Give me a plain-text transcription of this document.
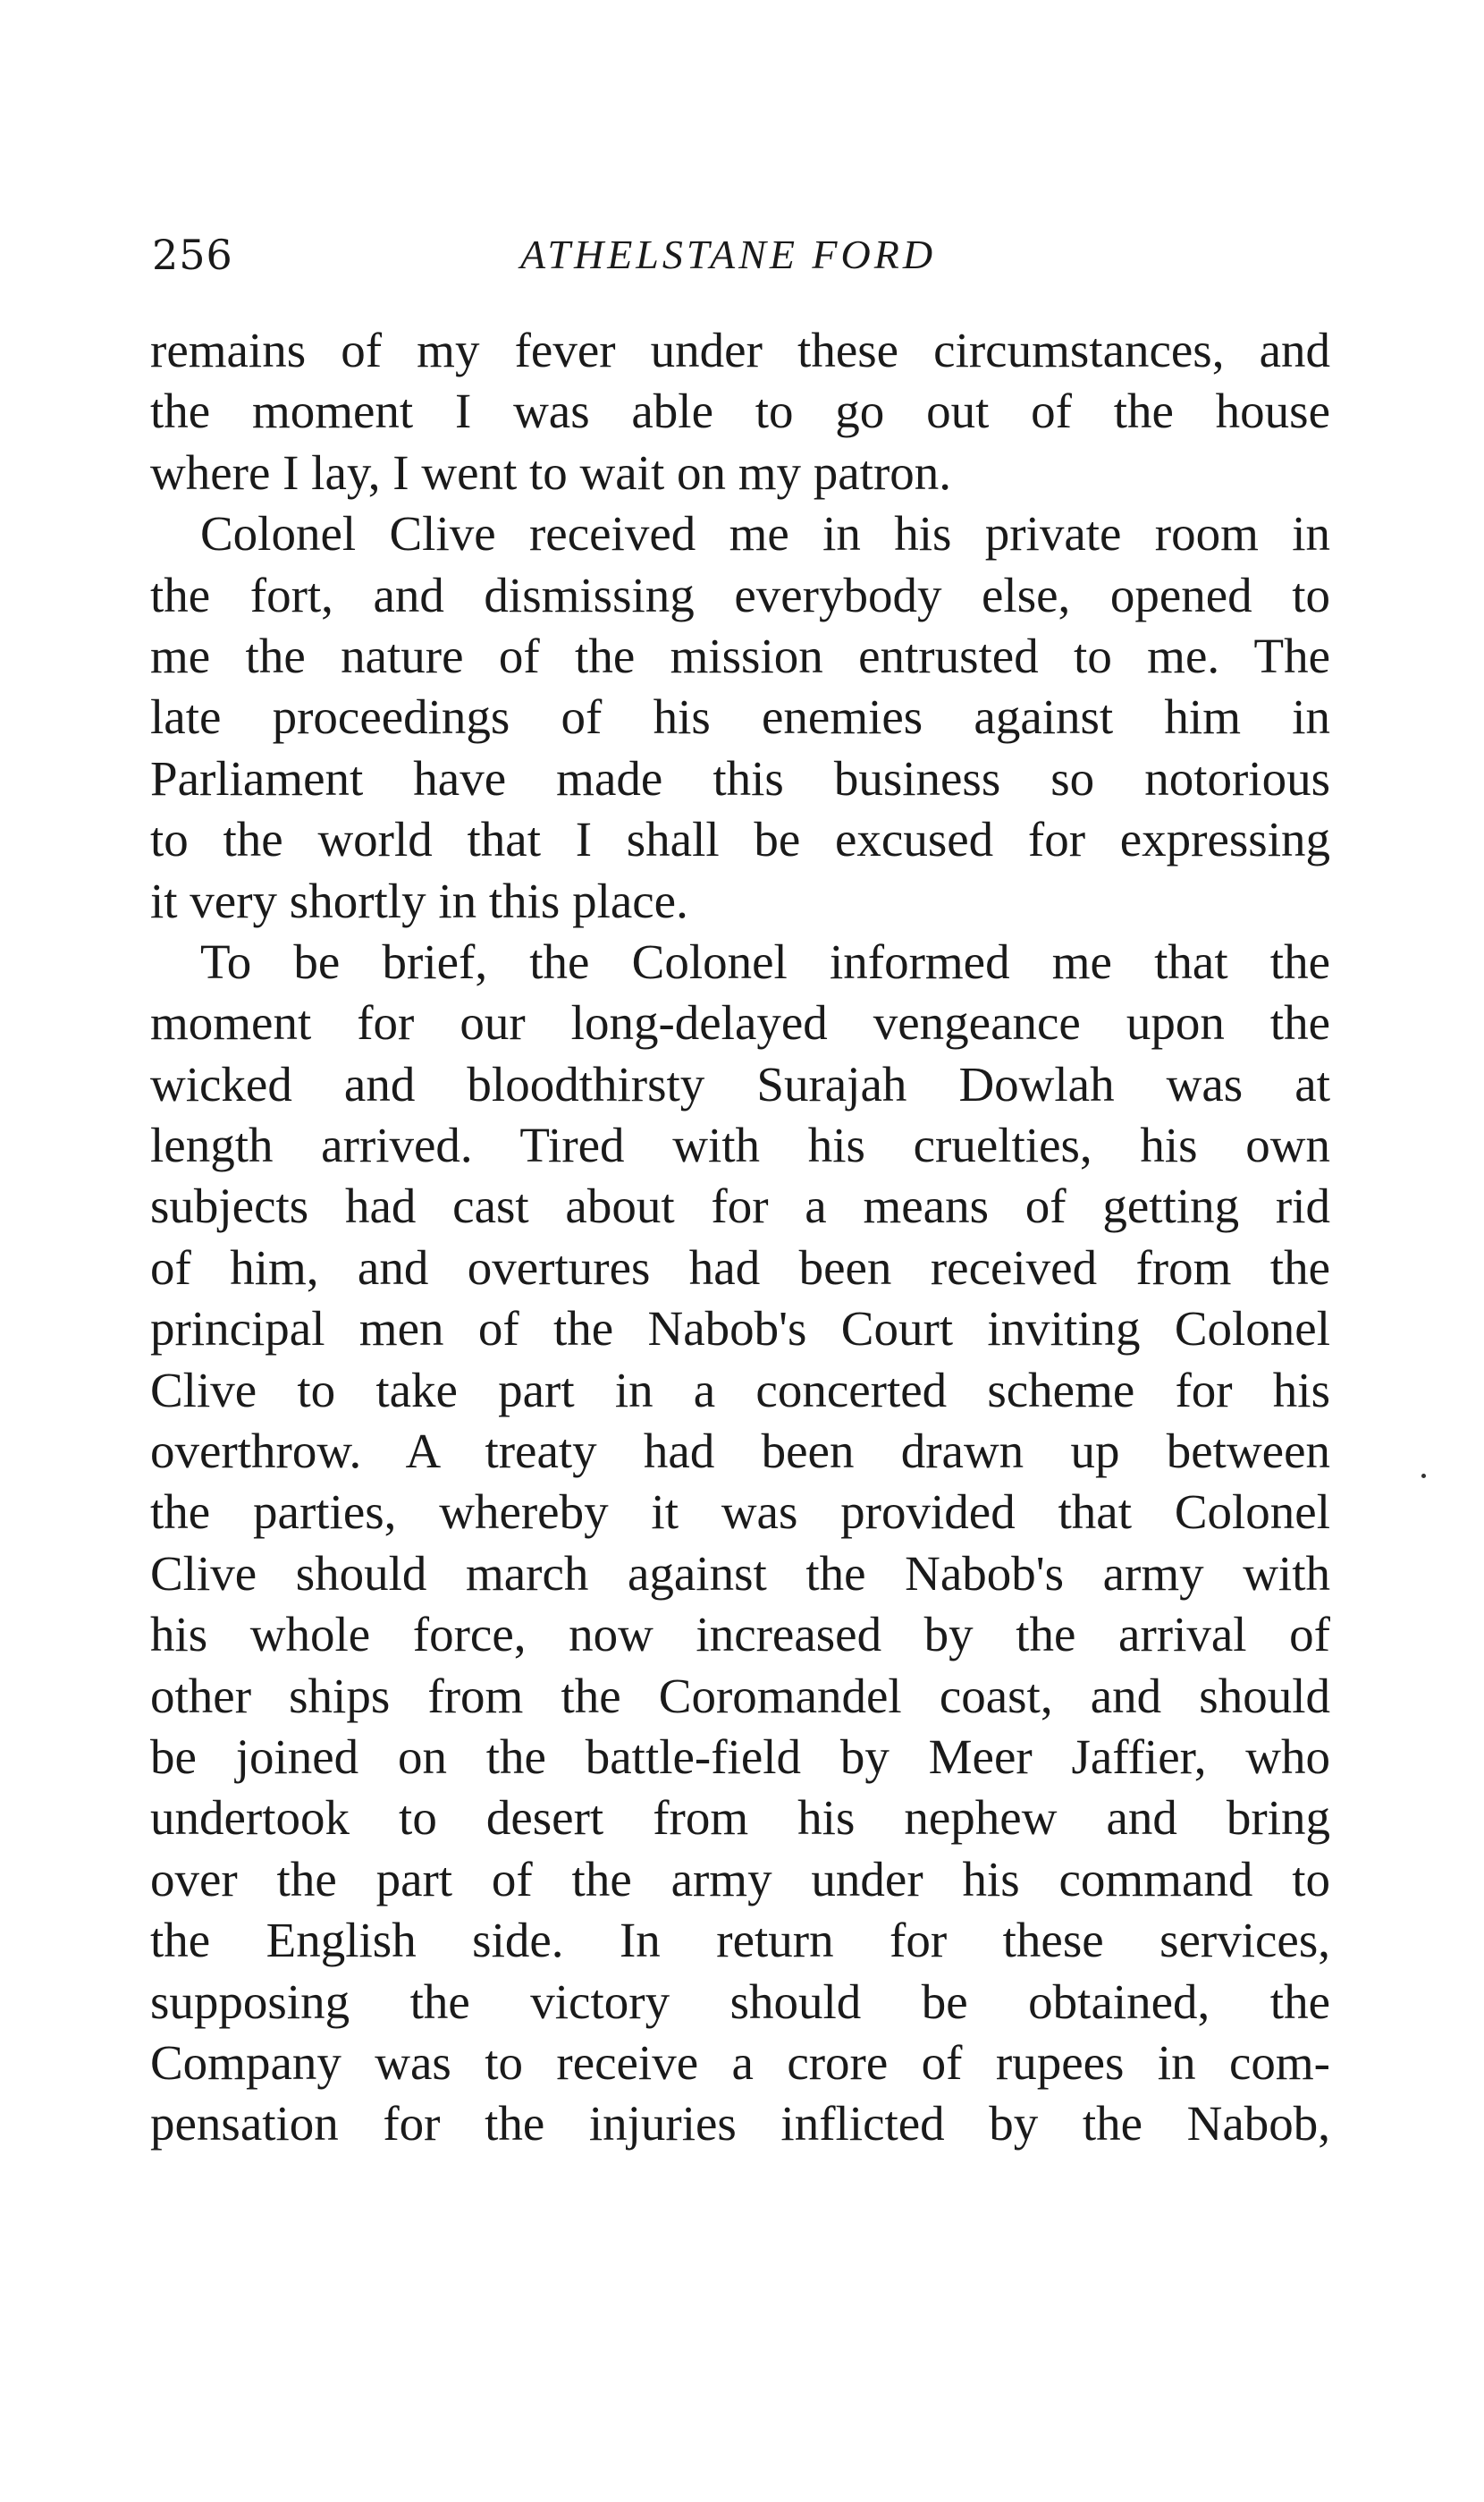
256	ATHELSTANE FORD
remains of my fever under these circumstances, and
the moment I was able to go out of the house
where I lay, I went to wait on my patron.
Colonel Clive received me in his private room in
the fort, and dismissing everybody else, opened to
me the nature of the mission entrusted to me. The
late proceedings of his enemies against him in
Parliament have made this business so notorious
to the world that I shall be excused for expressing
it very shortly in this place.
To be brief, the Colonel informed me that the
moment for our long-delayed vengeance upon the
wicked and bloodthirsty Surajah Dowlah was at
length arrived. Tired with his cruelties, his own
subjects had cast about for a means of getting rid
of him, and overtures had been received from the
principal men of the Nabob's Court inviting Colonel
Clive to take part in a concerted scheme for his
overthrow. A treaty had been drawn up between
the parties, whereby it was provided that Colonel
Clive should march against the Nabob's army with
his whole force, now increased by the arrival of
other ships from the Coromandel coast, and should
be joined on the battle-field by Meer Jaffier, who
undertook to desert from his nephew and bring
over the part of the army under his command to
the English side. In return for these services,
supposing the victory should be obtained, the
Company was to receive a crore of rupees in com-
pensation for the injuries inflicted by the Nabob,
